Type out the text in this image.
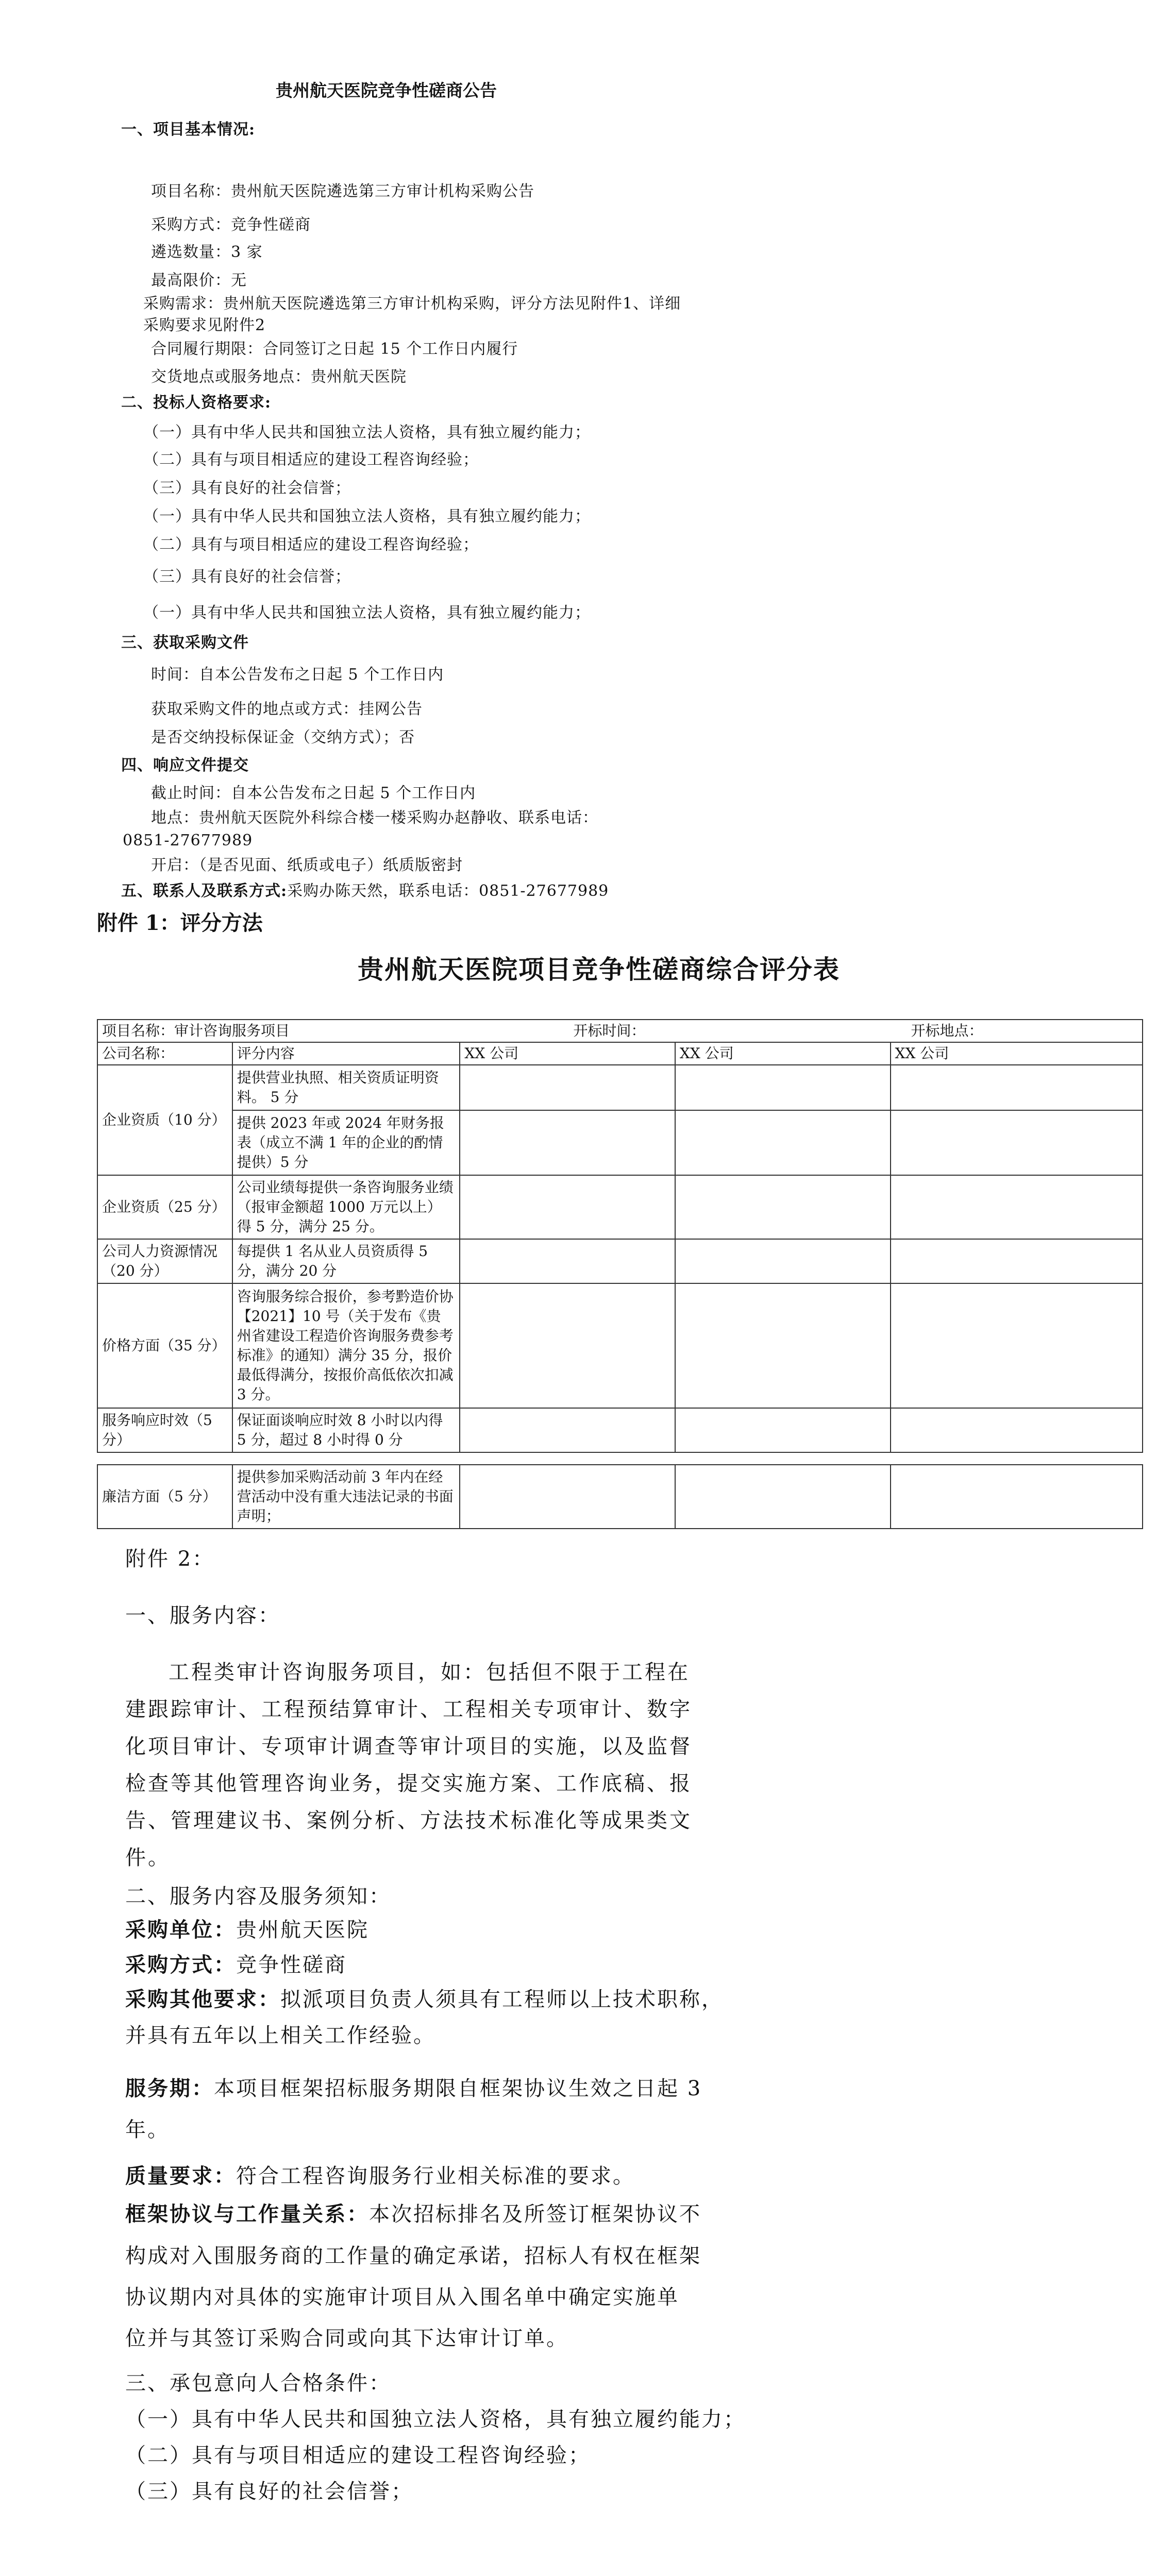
贵州航天医院竞争性磋商公告
一、项目基本情况:
项目名称：贵州航天医院遴选第三方审计机构采购公告
采购方式：竞争性磋商
遴选数量：3 家
最高限价：无
采购需求：贵州航天医院遴选第三方审计机构采购，评分方法见附件1、详细
采购要求见附件2
合同履行期限：合同签订之日起 15 个工作日内履行
交货地点或服务地点：贵州航天医院
二、投标人资格要求:
（一）具有中华人民共和国独立法人资格，具有独立履约能力；
（二）具有与项目相适应的建设工程咨询经验；
（三）具有良好的社会信誉；
（一）具有中华人民共和国独立法人资格，具有独立履约能力；
（二）具有与项目相适应的建设工程咨询经验；
（三）具有良好的社会信誉；
（一）具有中华人民共和国独立法人资格，具有独立履约能力；
三、获取采购文件
时间：自本公告发布之日起 5 个工作日内
获取采购文件的地点或方式：挂网公告
是否交纳投标保证金（交纳方式）；否
四、响应文件提交
截止时间：自本公告发布之日起 5 个工作日内
地点：贵州航天医院外科综合楼一楼采购办赵静收、联系电话：
0851-27677989
开启：（是否见面、纸质或电子）纸质版密封
五、联系人及联系方式:采购办陈天然，联系电话：0851-27677989
附件 1：评分方法
贵州航天医院项目竞争性磋商综合评分表
项目名称：审计咨询服务项目		开标时间：		开标地点：
公司名称：	评分内容	XX 公司	XX 公司	XX 公司
企业资质（10 分）	提供营业执照、相关资质证明资料。 5 分			
	提供 2023 年或 2024 年财务报表（成立不满 1 年的企业的酌情提供）5 分			
企业资质（25 分）	公司业绩每提供一条咨询服务业绩（报审金额超 1000 万元以上）得 5 分，满分 25 分。			
公司人力资源情况（20 分）	每提供 1 名从业人员资质得 5 分，满分 20 分			
价格方面（35 分）	咨询服务综合报价，参考黔造价协【2021】10 号（关于发布《贵州省建设工程造价咨询服务费参考标准》的通知）满分 35 分，报价最低得满分，按报价高低依次扣减 3 分。			
服务响应时效（5 分）	保证面谈响应时效 8 小时以内得 5 分，超过 8 小时得 0 分			

廉洁方面（5 分）	提供参加采购活动前 3 年内在经营活动中没有重大违法记录的书面声明；			
附件 2：
一、服务内容：
工程类审计咨询服务项目，如：包括但不限于工程在建跟踪审计、工程预结算审计、工程相关专项审计、数字化项目审计、专项审计调查等审计项目的实施，以及监督检查等其他管理咨询业务，提交实施方案、工作底稿、报告、管理建议书、案例分析、方法技术标准化等成果类文件。
二、服务内容及服务须知：
采购单位：贵州航天医院
采购方式：竞争性磋商
采购其他要求：拟派项目负责人须具有工程师以上技术职称，
并具有五年以上相关工作经验。
服务期：本项目框架招标服务期限自框架协议生效之日起 3
年。
质量要求：符合工程咨询服务行业相关标准的要求。
框架协议与工作量关系：本次招标排名及所签订框架协议不
构成对入围服务商的工作量的确定承诺，招标人有权在框架
协议期内对具体的实施审计项目从入围名单中确定实施单
位并与其签订采购合同或向其下达审计订单。
三、承包意向人合格条件：
（一）具有中华人民共和国独立法人资格，具有独立履约能力；
（二）具有与项目相适应的建设工程咨询经验；
（三）具有良好的社会信誉；
